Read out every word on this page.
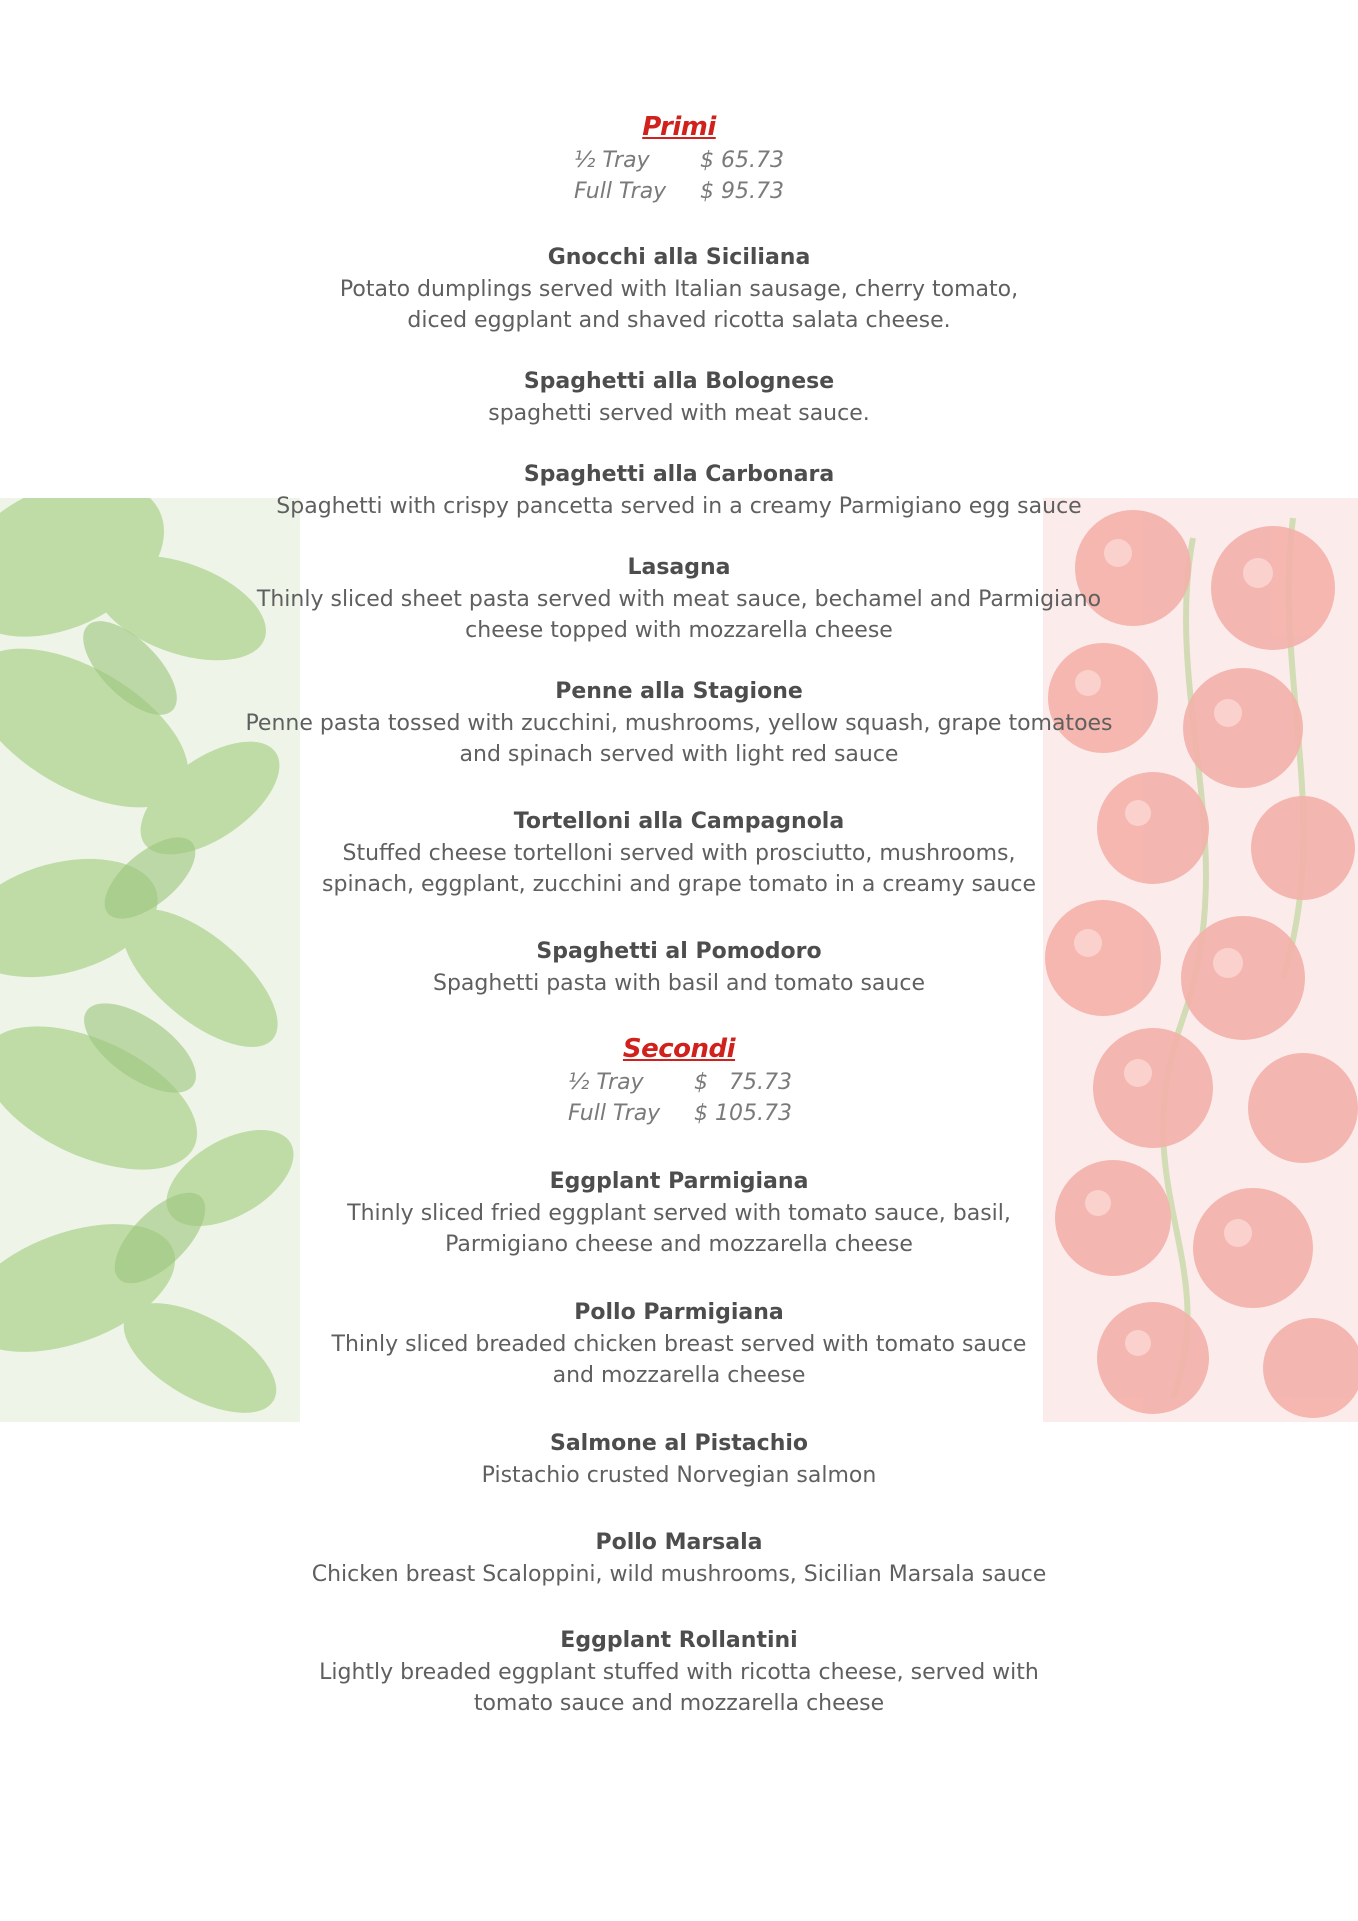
Primi
½ Tray $ 65.73
Full Tray $ 95.73
Gnocchi alla Siciliana
Potato dumplings served with Italian sausage, cherry tomato,
diced eggplant and shaved ricotta salata cheese.
Spaghetti alla Bolognese
spaghetti served with meat sauce.
Spaghetti alla Carbonara
Spaghetti with crispy pancetta served in a creamy Parmigiano egg sauce
Lasagna
Thinly sliced sheet pasta served with meat sauce, bechamel and Parmigiano
cheese topped with mozzarella cheese
Penne alla Stagione
Penne pasta tossed with zucchini, mushrooms, yellow squash, grape tomatoes
and spinach served with light red sauce
Tortelloni alla Campagnola
Stuffed cheese tortelloni served with prosciutto, mushrooms,
spinach, eggplant, zucchini and grape tomato in a creamy sauce
Spaghetti al Pomodoro
Spaghetti pasta with basil and tomato sauce
Secondi
½ Tray $   75.73
Full Tray $ 105.73
Eggplant Parmigiana
Thinly sliced fried eggplant served with tomato sauce, basil,
Parmigiano cheese and mozzarella cheese
Pollo Parmigiana
Thinly sliced breaded chicken breast served with tomato sauce
and mozzarella cheese
Salmone al Pistachio
Pistachio crusted Norvegian salmon
Pollo Marsala
Chicken breast Scaloppini, wild mushrooms, Sicilian Marsala sauce
Eggplant Rollantini
Lightly breaded eggplant stuffed with ricotta cheese, served with
tomato sauce and mozzarella cheese
